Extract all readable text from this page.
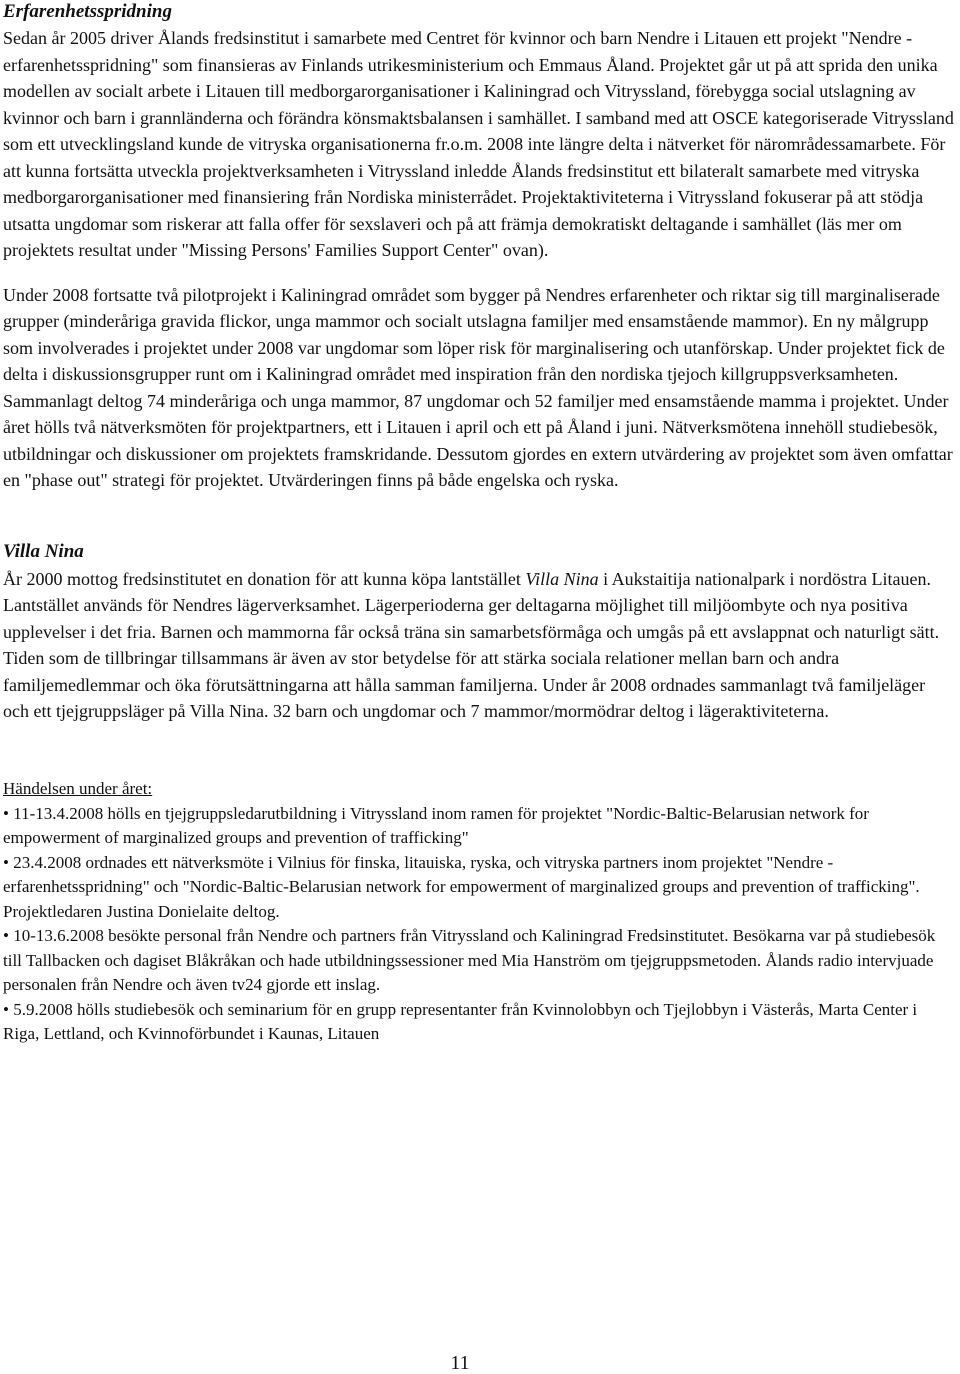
Erfarenhetsspridning

Sedan år 2005 driver Ålands fredsinstitut i samarbete med Centret för kvinnor och barn Nendre i Litauen ett projekt "Nendre - erfarenhetsspridning" som finansieras av Finlands utrikesministerium och Emmaus Åland. Projektet går ut på att sprida den unika modellen av socialt arbete i Litauen till medborgarorganisationer i Kaliningrad och Vitryssland, förebygga social utslagning av kvinnor och barn i grannländerna och förändra könsmaktsbalansen i samhället. I samband med att OSCE kategoriserade Vitryssland som ett utvecklingsland kunde de vitryska organisationerna fr.o.m. 2008 inte längre delta i nätverket för närområdessamarbete. För att kunna fortsätta utveckla projektverksamheten i Vitryssland inledde Ålands fredsinstitut ett bilateralt samarbete med vitryska medborgarorganisationer med finansiering från Nordiska ministerrådet. Projektaktiviteterna i Vitryssland fokuserar på att stödja utsatta ungdomar som riskerar att falla offer för sexslaveri och på att främja demokratiskt deltagande i samhället (läs mer om projektets resultat under "Missing Persons' Families Support Center" ovan).

Under 2008 fortsatte två pilotprojekt i Kaliningrad området som bygger på Nendres erfarenheter och riktar sig till marginaliserade grupper (minderåriga gravida flickor, unga mammor och socialt utslagna familjer med ensamstående mammor). En ny målgrupp som involverades i projektet under 2008 var ungdomar som löper risk för marginalisering och utanförskap. Under projektet fick de delta i diskussionsgrupper runt om i Kaliningrad området med inspiration från den nordiska tjejoch killgruppsverksamheten. Sammanlagt deltog 74 minderåriga och unga mammor, 87 ungdomar och 52 familjer med ensamstående mamma i projektet. Under året hölls två nätverksmöten för projektpartners, ett i Litauen i april och ett på Åland i juni. Nätverksmötena innehöll studiebesök, utbildningar och diskussioner om projektets framskridande. Dessutom gjordes en extern utvärdering av projektet som även omfattar en "phase out" strategi för projektet. Utvärderingen finns på både engelska och ryska.

Villa Nina

År 2000 mottog fredsinstitutet en donation för att kunna köpa lantstället Villa Nina i Aukstaitija nationalpark i nordöstra Litauen. Lantstället används för Nendres lägerverksamhet. Lägerperioderna ger deltagarna möjlighet till miljöombyte och nya positiva upplevelser i det fria. Barnen och mammorna får också träna sin samarbetsförmåga och umgås på ett avslappnat och naturligt sätt. Tiden som de tillbringar tillsammans är även av stor betydelse för att stärka sociala relationer mellan barn och andra familjemedlemmar och öka förutsättningarna att hålla samman familjerna. Under år 2008 ordnades sammanlagt två familjeläger och ett tjejgruppsläger på Villa Nina. 32 barn och ungdomar och 7 mammor/mormödrar deltog i lägeraktiviteterna.

Händelsen under året:
• 11-13.4.2008 hölls en tjejgruppsledarutbildning i Vitryssland inom ramen för projektet "Nordic-Baltic-Belarusian network for empowerment of marginalized groups and prevention of trafficking"
• 23.4.2008 ordnades ett nätverksmöte i Vilnius för finska, litauiska, ryska, och vitryska partners inom projektet "Nendre - erfarenhetsspridning" och "Nordic-Baltic-Belarusian network for empowerment of marginalized groups and prevention of trafficking". Projektledaren Justina Donielaite deltog.
• 10-13.6.2008 besökte personal från Nendre och partners från Vitryssland och Kaliningrad Fredsinstitutet. Besökarna var på studiebesök till Tallbacken och dagiset Blåkråkan och hade utbildningssessioner med Mia Hanström om tjejgruppsmetoden. Ålands radio intervjuade personalen från Nendre och även tv24 gjorde ett inslag.
• 5.9.2008 hölls studiebesök och seminarium för en grupp representanter från Kvinnolobbyn och Tjejlobbyn i Västerås, Marta Center i Riga, Lettland, och Kvinnoförbundet i Kaunas, Litauen
11
